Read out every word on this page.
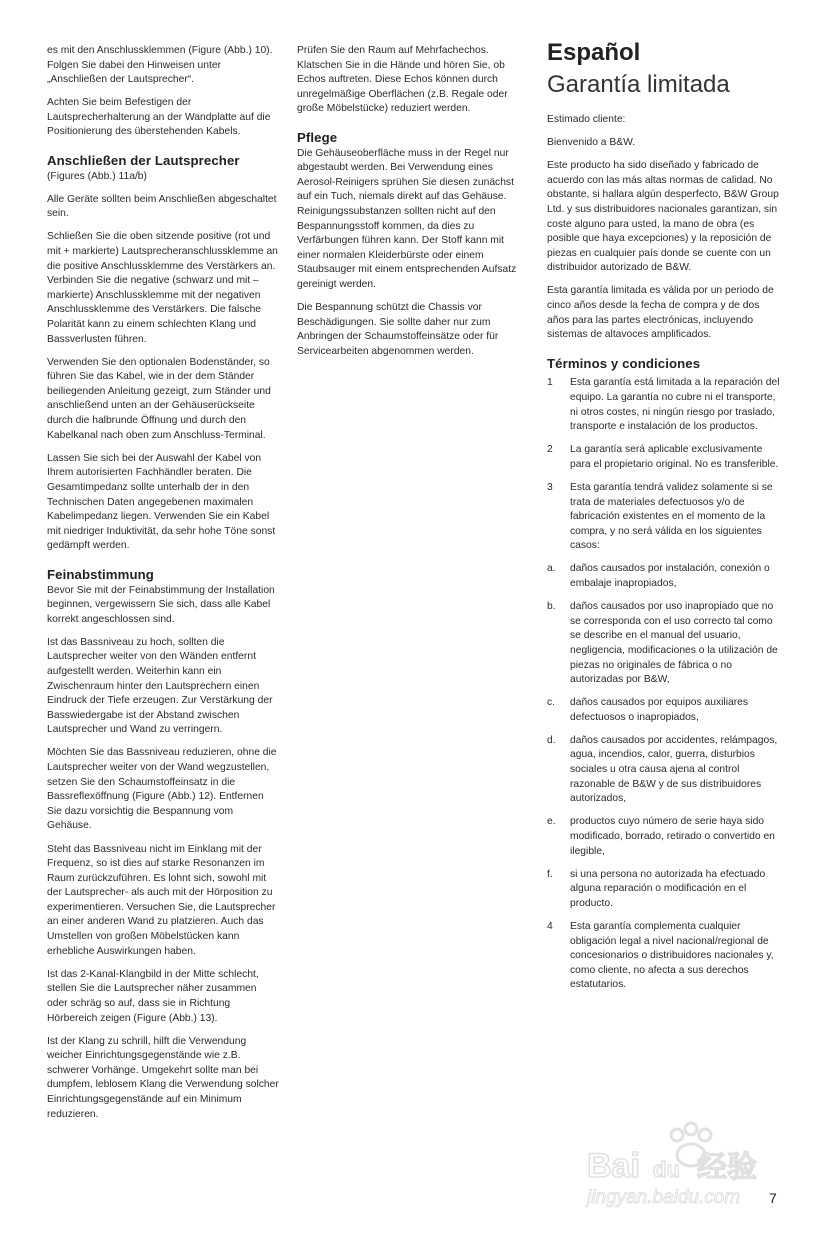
es mit den Anschlussklemmen (Figure (Abb.) 10). Folgen Sie dabei den Hinweisen unter „Anschließen der Lautsprecher“.

Achten Sie beim Befestigen der Lautsprecherhalterung an der Wandplatte auf die Positionierung des überstehenden Kabels.

Anschließen der Lautsprecher

(Figures (Abb.) 11a/b)

Alle Geräte sollten beim Anschließen abgeschaltet sein.

Schließen Sie die oben sitzende positive (rot und mit + markierte) Lautsprecheranschlussklemme an die positive Anschlussklemme des Verstärkers an. Verbinden Sie die negative (schwarz und mit – markierte) Anschlussklemme mit der negativen Anschlussklemme des Verstärkers. Die falsche Polarität kann zu einem schlechten Klang und Bassverlusten führen.

Verwenden Sie den optionalen Bodenständer, so führen Sie das Kabel, wie in der dem Ständer beiliegenden Anleitung gezeigt, zum Ständer und anschließend unten an der Gehäuserückseite durch die halbrunde Öffnung und durch den Kabelkanal nach oben zum Anschluss-Terminal.

Lassen Sie sich bei der Auswahl der Kabel von Ihrem autorisierten Fachhändler beraten. Die Gesamtimpedanz sollte unterhalb der in den Technischen Daten angegebenen maximalen Kabelimpedanz liegen. Verwenden Sie ein Kabel mit niedriger Induktivität, da sehr hohe Töne sonst gedämpft werden.

Feinabstimmung

Bevor Sie mit der Feinabstimmung der Installation beginnen, vergewissern Sie sich, dass alle Kabel korrekt angeschlossen sind.

Ist das Bassniveau zu hoch, sollten die Lautsprecher weiter von den Wänden entfernt aufgestellt werden. Weiterhin kann ein Zwischenraum hinter den Lautsprechern einen Eindruck der Tiefe erzeugen. Zur Verstärkung der Basswiedergabe ist der Abstand zwischen Lautsprecher und Wand zu verringern.

Möchten Sie das Bassniveau reduzieren, ohne die Lautsprecher weiter von der Wand wegzustellen, setzen Sie den Schaumstoffeinsatz in die Bassreflexöffnung (Figure (Abb.) 12). Entfernen Sie dazu vorsichtig die Bespannung vom Gehäuse.

Steht das Bassniveau nicht im Einklang mit der Frequenz, so ist dies auf starke Resonanzen im Raum zurückzuführen. Es lohnt sich, sowohl mit der Lautsprecher- als auch mit der Hörposition zu experimentieren. Versuchen Sie, die Lautsprecher an einer anderen Wand zu platzieren. Auch das Umstellen von großen Möbelstücken kann erhebliche Auswirkungen haben.

Ist das 2-Kanal-Klangbild in der Mitte schlecht, stellen Sie die Lautsprecher näher zusammen oder schräg so auf, dass sie in Richtung Hörbereich zeigen (Figure (Abb.) 13).

Ist der Klang zu schrill, hilft die Verwendung weicher Einrichtungsgegenstände wie z.B. schwerer Vorhänge. Umgekehrt sollte man bei dumpfem, leblosem Klang die Verwendung solcher Einrichtungsgegenstände auf ein Minimum reduzieren.

Prüfen Sie den Raum auf Mehrfachechos. Klatschen Sie in die Hände und hören Sie, ob Echos auftreten. Diese Echos können durch unregelmäßige Oberflächen (z.B. Regale oder große Möbelstücke) reduziert werden.

Pflege

Die Gehäuseoberfläche muss in der Regel nur abgestaubt werden. Bei Verwendung eines Aerosol-Reinigers sprühen Sie diesen zunächst auf ein Tuch, niemals direkt auf das Gehäuse. Reinigungssubstanzen sollten nicht auf den Bespannungsstoff kommen, da dies zu Verfärbungen führen kann. Der Stoff kann mit einer normalen Kleiderbürste oder einem Staubsauger mit einem entsprechenden Aufsatz gereinigt werden.

Die Bespannung schützt die Chassis vor Beschädigungen. Sie sollte daher nur zum Anbringen der Schaumstoffeinsätze oder für Servicearbeiten abgenommen werden.

Español
Garantía limitada

Estimado cliente:

Bienvenido a B&W.

Este producto ha sido diseñado y fabricado de acuerdo con las más altas normas de calidad. No obstante, si hallara algún desperfecto, B&W Group Ltd. y sus distribuidores nacionales garantizan, sin coste alguno para usted, la mano de obra (es posible que haya excepciones) y la reposición de piezas en cualquier país donde se cuente con un distribuidor autorizado de B&W.

Esta garantía limitada es válida por un periodo de cinco años desde la fecha de compra y de dos años para las partes electrónicas, incluyendo sistemas de altavoces amplificados.

Términos y condiciones
1	Esta garantía está limitada a la reparación del equipo. La garantía no cubre ni el transporte, ni otros costes, ni ningún riesgo por traslado, transporte e instalación de los productos.
2	La garantía será aplicable exclusivamente para el propietario original. No es transferible.
3	Esta garantía tendrá validez solamente si se trata de materiales defectuosos y/o de fabricación existentes en el momento de la compra, y no será válida en los siguientes casos:
a.	daños causados por instalación, conexión o embalaje inapropiados,
b.	daños causados por uso inapropiado que no se corresponda con el uso correcto tal como se describe en el manual del usuario, negligencia, modificaciones o la utilización de piezas no originales de fábrica o no autorizadas por B&W,
c.	daños causados por equipos auxiliares defectuosos o inapropiados,
d.	daños causados por accidentes, relámpagos, agua, incendios, calor, guerra, disturbios sociales u otra causa ajena al control razonable de B&W y de sus distribuidores autorizados,
e.	productos cuyo número de serie haya sido modificado, borrado, retirado o convertido en ilegible,
f.	si una persona no autorizada ha efectuado alguna reparación o modificación en el producto.
4	Esta garantía complementa cualquier obligación legal a nivel nacional/regional de concesionarios o distribuidores nacionales y, como cliente, no afecta a sus derechos estatutarios.
Bai du 经验
jingyan.baidu.com 7
